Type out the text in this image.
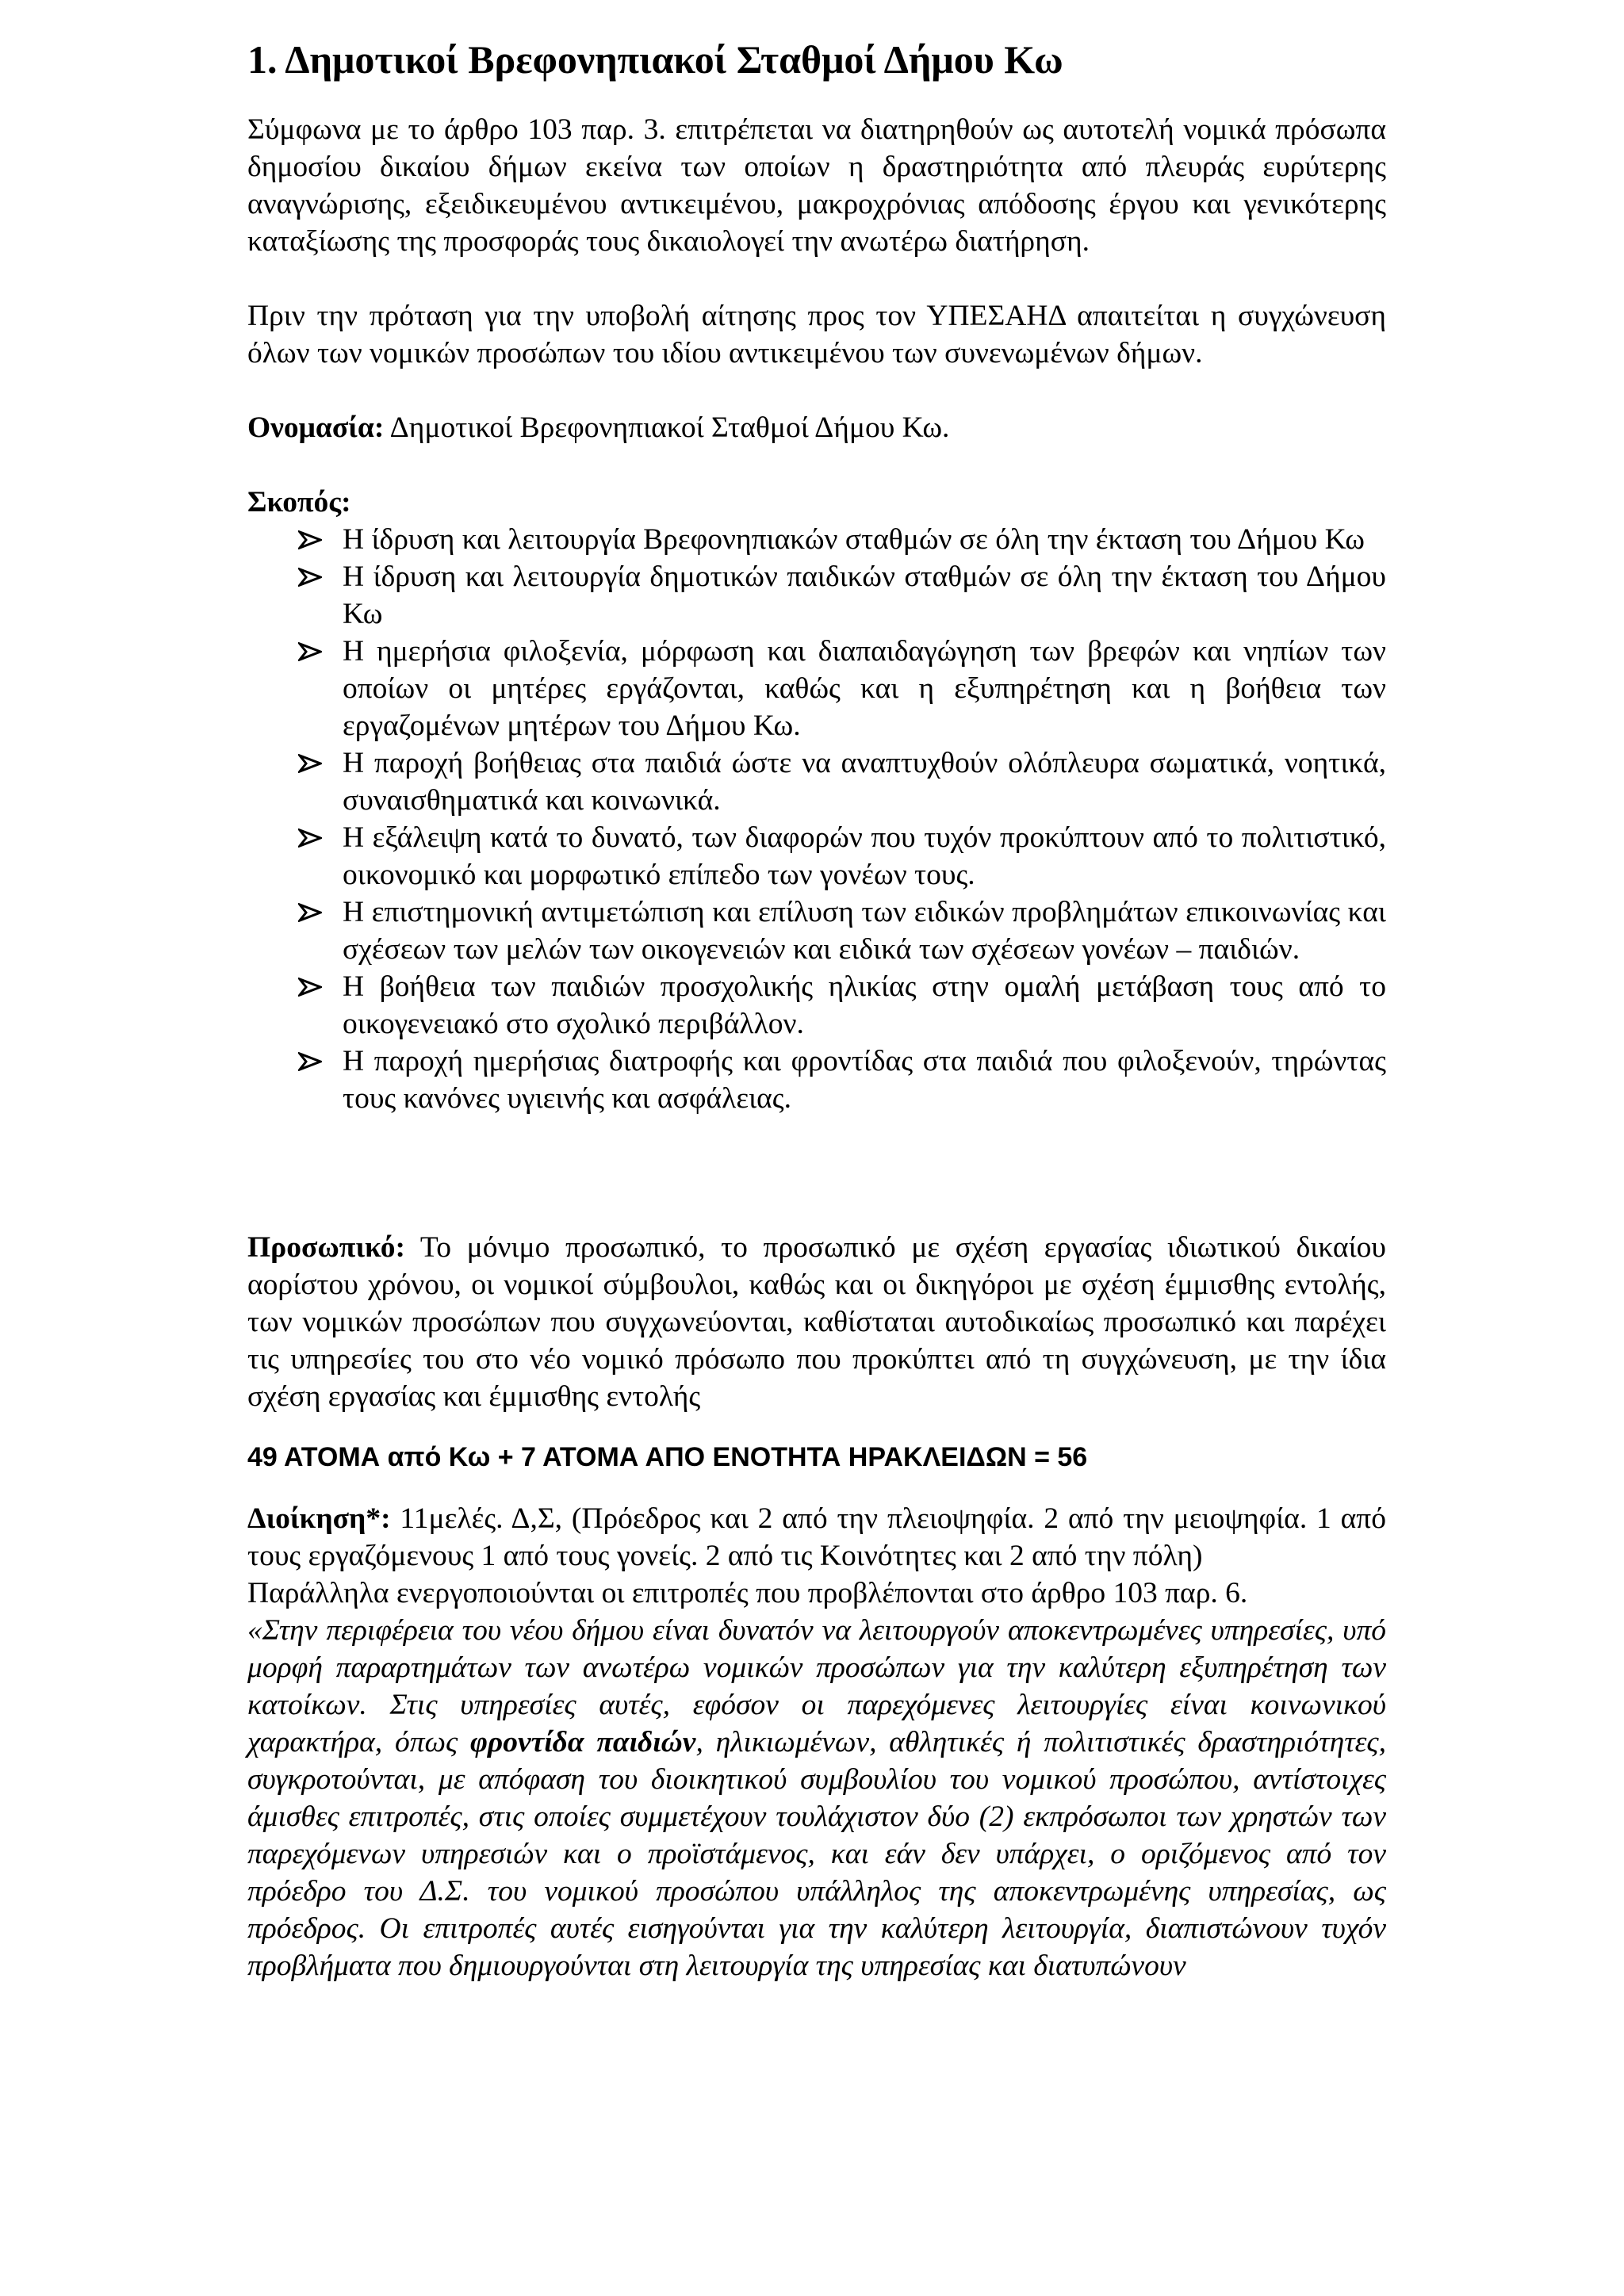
1. Δημοτικοί Βρεφονηπιακοί Σταθμοί Δήμου Κω

Σύμφωνα με το άρθρο 103 παρ. 3. επιτρέπεται να διατηρηθούν ως αυτοτελή νομικά πρόσωπα δημοσίου δικαίου δήμων εκείνα των οποίων η δραστηριότητα από πλευράς ευρύτερης αναγνώρισης, εξειδικευμένου αντικειμένου, μακροχρόνιας απόδοσης έργου και γενικότερης καταξίωσης της προσφοράς τους δικαιολογεί την ανωτέρω διατήρηση.

Πριν την πρόταση για την υποβολή αίτησης προς τον ΥΠΕΣΑΗΔ απαιτείται η συγχώνευση όλων των νομικών προσώπων του ιδίου αντικειμένου των συνενωμένων δήμων.

Ονομασία: Δημοτικοί Βρεφονηπιακοί Σταθμοί Δήμου Κω.

Σκοπός:

Η ίδρυση και λειτουργία Βρεφονηπιακών σταθμών σε όλη την έκταση του Δήμου Κω
Η ίδρυση και λειτουργία δημοτικών παιδικών σταθμών σε όλη την έκταση του Δήμου Κω
Η ημερήσια φιλοξενία, μόρφωση και διαπαιδαγώγηση των βρεφών και νηπίων των οποίων οι μητέρες εργάζονται, καθώς και η εξυπηρέτηση και η βοήθεια των εργαζομένων μητέρων του Δήμου Κω.
Η παροχή βοήθειας στα παιδιά ώστε να αναπτυχθούν ολόπλευρα σωματικά, νοητικά, συναισθηματικά και κοινωνικά.
Η εξάλειψη κατά το δυνατό, των διαφορών που τυχόν προκύπτουν από το πολιτιστικό, οικονομικό και μορφωτικό επίπεδο των γονέων τους.
Η επιστημονική αντιμετώπιση και επίλυση των ειδικών προβλημάτων επικοινωνίας και σχέσεων των μελών των οικογενειών και ειδικά των σχέσεων γονέων – παιδιών.
Η βοήθεια των παιδιών προσχολικής ηλικίας στην ομαλή μετάβαση τους από το οικογενειακό στο σχολικό περιβάλλον.
Η παροχή ημερήσιας διατροφής και φροντίδας στα παιδιά που φιλοξενούν, τηρώντας τους κανόνες υγιεινής και ασφάλειας.

Προσωπικό: Το μόνιμο προσωπικό, το προσωπικό με σχέση εργασίας ιδιωτικού δικαίου αορίστου χρόνου, οι νομικοί σύμβουλοι, καθώς και οι δικηγόροι με σχέση έμμισθης εντολής, των νομικών προσώπων που συγχωνεύονται, καθίσταται αυτοδικαίως προσωπικό και παρέχει τις υπηρεσίες του στο νέο νομικό πρόσωπο που προκύπτει από τη συγχώνευση, με την ίδια σχέση εργασίας και έμμισθης εντολής

49 ΑΤΟΜΑ από Κω + 7 ΑΤΟΜΑ ΑΠΟ ΕΝΟΤΗΤΑ ΗΡΑΚΛΕΙΔΩΝ = 56

Διοίκηση*: 11μελές. Δ,Σ, (Πρόεδρος και 2 από την πλειοψηφία. 2 από την μειοψηφία. 1 από τους εργαζόμενους 1 από τους γονείς. 2 από τις Κοινότητες και 2 από την πόλη)

Παράλληλα ενεργοποιούνται οι επιτροπές που προβλέπονται στο άρθρο 103 παρ. 6.

«Στην περιφέρεια του νέου δήμου είναι δυνατόν να λειτουργούν αποκεντρωμένες υπηρεσίες, υπό μορφή παραρτημάτων των ανωτέρω νομικών προσώπων για την καλύτερη εξυπηρέτηση των κατοίκων. Στις υπηρεσίες αυτές, εφόσον οι παρεχόμενες λειτουργίες είναι κοινωνικού χαρακτήρα, όπως φροντίδα παιδιών, ηλικιωμένων, αθλητικές ή πολιτιστικές δραστηριότητες, συγκροτούνται, με απόφαση του διοικητικού συμβουλίου του νομικού προσώπου, αντίστοιχες άμισθες επιτροπές, στις οποίες συμμετέχουν τουλάχιστον δύο (2) εκπρόσωποι των χρηστών των παρεχόμενων υπηρεσιών και ο προϊστάμενος, και εάν δεν υπάρχει, ο οριζόμενος από τον πρόεδρο του Δ.Σ. του νομικού προσώπου υπάλληλος της αποκεντρωμένης υπηρεσίας, ως πρόεδρος. Οι επιτροπές αυτές εισηγούνται για την καλύτερη λειτουργία, διαπιστώνουν τυχόν προβλήματα που δημιουργούνται στη λειτουργία της υπηρεσίας και διατυπώνουν
